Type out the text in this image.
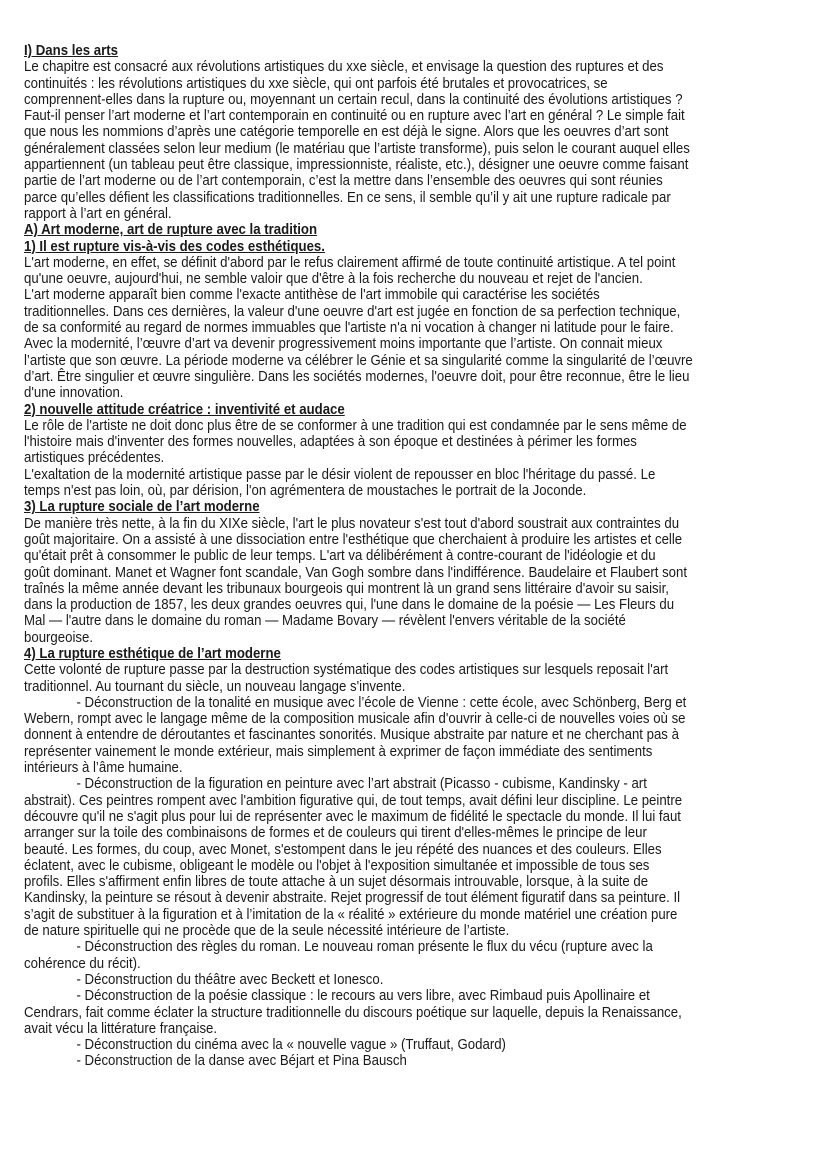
I) Dans les arts
Le chapitre est consacré aux révolutions artistiques du xxe siècle, et envisage la question des ruptures et des
continuités : les révolutions artistiques du xxe siècle, qui ont parfois été brutales et provocatrices, se
comprennent-elles dans la rupture ou, moyennant un certain recul, dans la continuité des évolutions artistiques ?
Faut-il penser l’art moderne et l’art contemporain en continuité ou en rupture avec l’art en général ? Le simple fait
que nous les nommions d’après une catégorie temporelle en est déjà le signe. Alors que les oeuvres d’art sont
généralement classées selon leur medium (le matériau que l’artiste transforme), puis selon le courant auquel elles
appartiennent (un tableau peut être classique, impressionniste, réaliste, etc.), désigner une oeuvre comme faisant
partie de l’art moderne ou de l’art contemporain, c’est la mettre dans l’ensemble des oeuvres qui sont réunies
parce qu’elles défient les classifications traditionnelles. En ce sens, il semble qu’il y ait une rupture radicale par
rapport à l’art en général.
A) Art moderne, art de rupture avec la tradition
1) Il est rupture vis-à-vis des codes esthétiques.
L'art moderne, en effet, se définit d'abord par le refus clairement affirmé de toute continuité artistique. A tel point
qu'une oeuvre, aujourd'hui, ne semble valoir que d'être à la fois recherche du nouveau et rejet de l'ancien.
L'art moderne apparaît bien comme l'exacte antithèse de l'art immobile qui caractérise les sociétés
traditionnelles. Dans ces dernières, la valeur d'une oeuvre d'art est jugée en fonction de sa perfection technique,
de sa conformité au regard de normes immuables que l'artiste n'a ni vocation à changer ni latitude pour le faire.
Avec la modernité, l’œuvre d’art va devenir progressivement moins importante que l’artiste. On connait mieux
l’artiste que son œuvre. La période moderne va célébrer le Génie et sa singularité comme la singularité de l’œuvre
d’art. Être singulier et œuvre singulière. Dans les sociétés modernes, l'oeuvre doit, pour être reconnue, être le lieu
d'une innovation.
2) nouvelle attitude créatrice : inventivité et audace
Le rôle de l'artiste ne doit donc plus être de se conformer à une tradition qui est condamnée par le sens même de
l'histoire mais d'inventer des formes nouvelles, adaptées à son époque et destinées à périmer les formes
artistiques précédentes.
L'exaltation de la modernité artistique passe par le désir violent de repousser en bloc l'héritage du passé. Le
temps n'est pas loin, où, par dérision, l'on agrémentera de moustaches le portrait de la Joconde.
3) La rupture sociale de l’art moderne
De manière très nette, à la fin du XIXe siècle, l'art le plus novateur s'est tout d'abord soustrait aux contraintes du
goût majoritaire. On a assisté à une dissociation entre l'esthétique que cherchaient à produire les artistes et celle
qu'était prêt à consommer le public de leur temps. L'art va délibérément à contre-courant de l'idéologie et du
goût dominant. Manet et Wagner font scandale, Van Gogh sombre dans l'indifférence. Baudelaire et Flaubert sont
traînés la même année devant les tribunaux bourgeois qui montrent là un grand sens littéraire d'avoir su saisir,
dans la production de 1857, les deux grandes oeuvres qui, l'une dans le domaine de la poésie — Les Fleurs du
Mal — l'autre dans le domaine du roman — Madame Bovary — révèlent l'envers véritable de la société
bourgeoise.
4) La rupture esthétique de l’art moderne
Cette volonté de rupture passe par la destruction systématique des codes artistiques sur lesquels reposait l'art
traditionnel. Au tournant du siècle, un nouveau langage s'invente.
- Déconstruction de la tonalité en musique avec l’école de Vienne : cette école, avec Schönberg, Berg et
Webern, rompt avec le langage même de la composition musicale afin d'ouvrir à celle-ci de nouvelles voies où se
donnent à entendre de déroutantes et fascinantes sonorités. Musique abstraite par nature et ne cherchant pas à
représenter vainement le monde extérieur, mais simplement à exprimer de façon immédiate des sentiments
intérieurs à l’âme humaine.
- Déconstruction de la figuration en peinture avec l’art abstrait (Picasso - cubisme, Kandinsky - art
abstrait). Ces peintres rompent avec l'ambition figurative qui, de tout temps, avait défini leur discipline. Le peintre
découvre qu'il ne s'agit plus pour lui de représenter avec le maximum de fidélité le spectacle du monde. Il lui faut
arranger sur la toile des combinaisons de formes et de couleurs qui tirent d'elles-mêmes le principe de leur
beauté. Les formes, du coup, avec Monet, s'estompent dans le jeu répété des nuances et des couleurs. Elles
éclatent, avec le cubisme, obligeant le modèle ou l'objet à l'exposition simultanée et impossible de tous ses
profils. Elles s'affirment enfin libres de toute attache à un sujet désormais introuvable, lorsque, à la suite de
Kandinsky, la peinture se résout à devenir abstraite. Rejet progressif de tout élément figuratif dans sa peinture. Il
s’agit de substituer à la figuration et à l’imitation de la « réalité » extérieure du monde matériel une création pure
de nature spirituelle qui ne procède que de la seule nécessité intérieure de l’artiste.
- Déconstruction des règles du roman. Le nouveau roman présente le flux du vécu (rupture avec la
cohérence du récit).
- Déconstruction du théâtre avec Beckett et Ionesco.
- Déconstruction de la poésie classique : le recours au vers libre, avec Rimbaud puis Apollinaire et
Cendrars, fait comme éclater la structure traditionnelle du discours poétique sur laquelle, depuis la Renaissance,
avait vécu la littérature française.
- Déconstruction du cinéma avec la « nouvelle vague » (Truffaut, Godard)
- Déconstruction de la danse avec Béjart et Pina Bausch
